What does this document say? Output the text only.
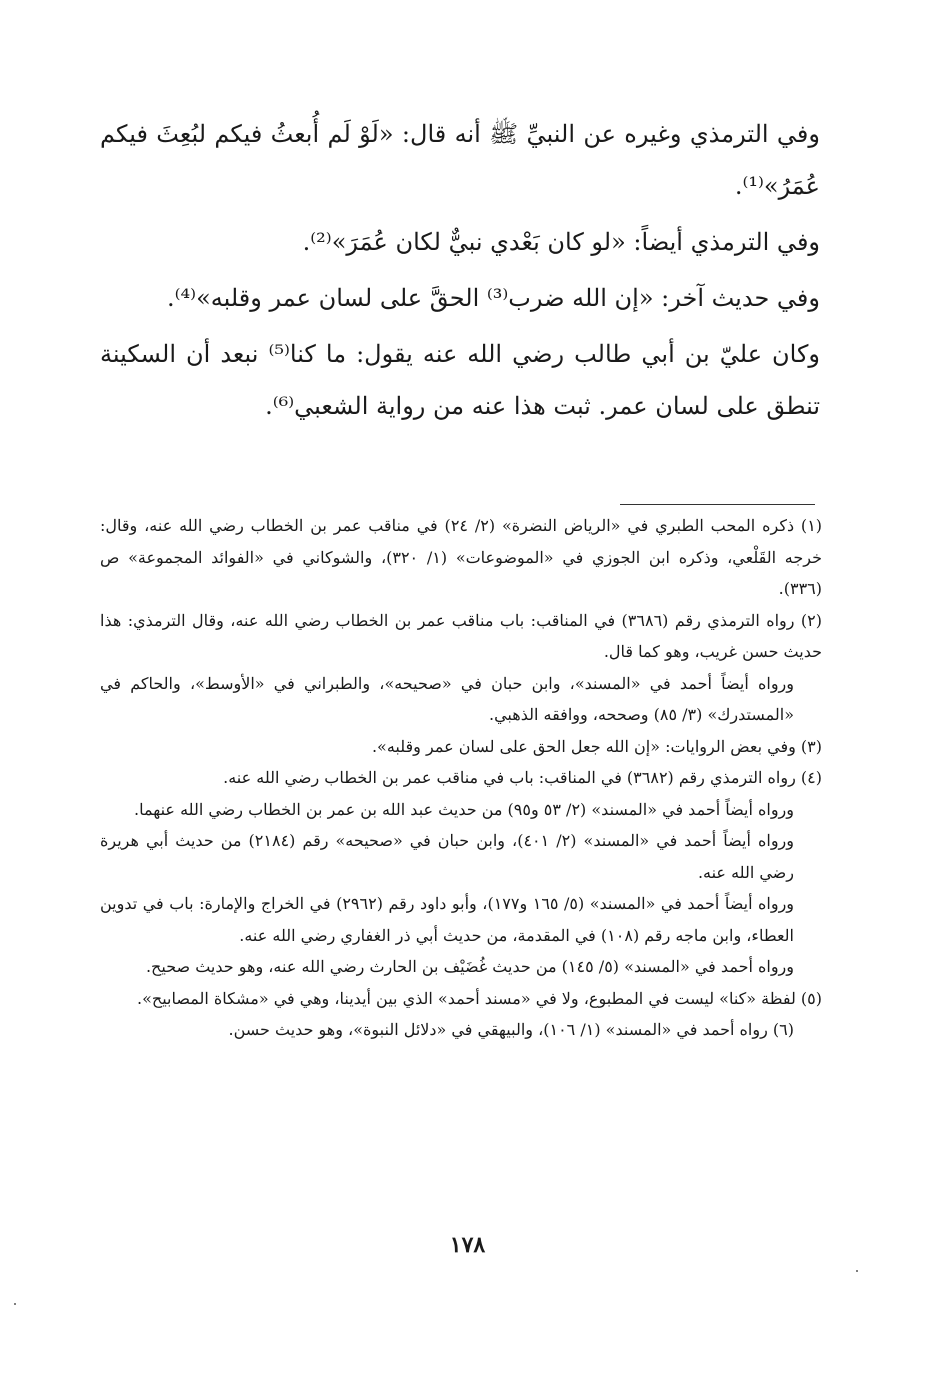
وفي الترمذي وغيره عن النبيِّ ﷺ أنه قال: «لَوْ لَم أُبعثُ فيكم لبُعِثَ فيكم عُمَرُ»⁽¹⁾.

وفي الترمذي أيضاً: «لو كان بَعْدي نبيٌّ لكان عُمَرَ»⁽²⁾.

وفي حديث آخر: «إن الله ضرب⁽³⁾ الحقَّ على لسان عمر وقلبه»⁽⁴⁾.

وكان عليّ بن أبي طالب رضي الله عنه يقول: ما كنا⁽⁵⁾ نبعد أن السكينة تنطق على لسان عمر. ثبت هذا عنه من رواية الشعبي⁽⁶⁾.

(١) ذكره المحب الطبري في «الرياض النضرة» (٢/ ٢٤) في مناقب عمر بن الخطاب رضي الله عنه، وقال: خرجه القَلْعي، وذكره ابن الجوزي في «الموضوعات» (١/ ٣٢٠)، والشوكاني في «الفوائد المجموعة» ص (٣٣٦).

(٢) رواه الترمذي رقم (٣٦٨٦) في المناقب: باب مناقب عمر بن الخطاب رضي الله عنه، وقال الترمذي: هذا حديث حسن غريب، وهو كما قال.

ورواه أيضاً أحمد في «المسند»، وابن حبان في «صحيحه»، والطبراني في «الأوسط»، والحاكم في «المستدرك» (٣/ ٨٥) وصححه، ووافقه الذهبي.

(٣) وفي بعض الروايات: «إن الله جعل الحق على لسان عمر وقلبه».

(٤) رواه الترمذي رقم (٣٦٨٢) في المناقب: باب في مناقب عمر بن الخطاب رضي الله عنه.

ورواه أيضاً أحمد في «المسند» (٢/ ٥٣ و٩٥) من حديث عبد الله بن عمر بن الخطاب رضي الله عنهما.

ورواه أيضاً أحمد في «المسند» (٢/ ٤٠١)، وابن حبان في «صحيحه» رقم (٢١٨٤) من حديث أبي هريرة رضي الله عنه.

ورواه أيضاً أحمد في «المسند» (٥/ ١٦٥ و١٧٧)، وأبو داود رقم (٢٩٦٢) في الخراج والإمارة: باب في تدوين العطاء، وابن ماجه رقم (١٠٨) في المقدمة، من حديث أبي ذر الغفاري رضي الله عنه.

ورواه أحمد في «المسند» (٥/ ١٤٥) من حديث غُضَيْف بن الحارث رضي الله عنه، وهو حديث صحيح.

(٥) لفظة «كنا» ليست في المطبوع، ولا في «مسند أحمد» الذي بين أيدينا، وهي في «مشكاة المصابيح».

(٦) رواه أحمد في «المسند» (١/ ١٠٦)، والبيهقي في «دلائل النبوة»، وهو حديث حسن.

١٧٨
